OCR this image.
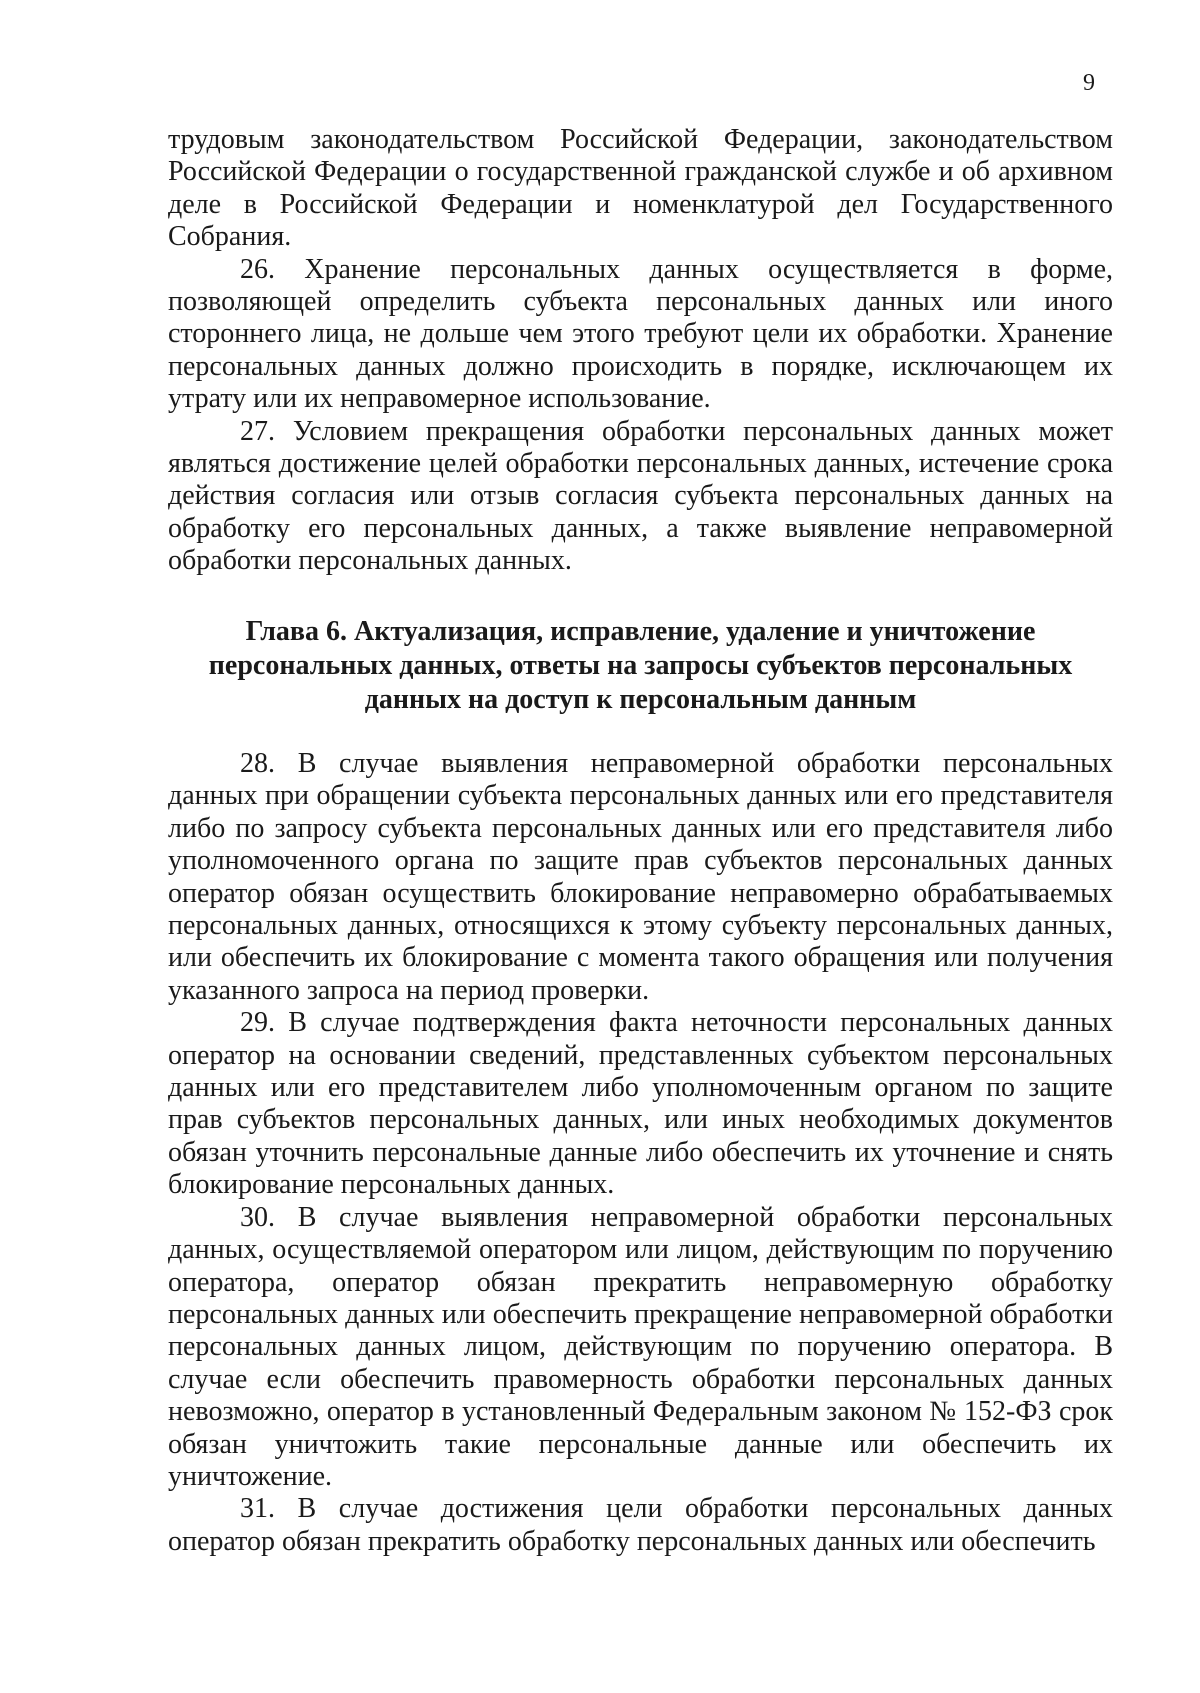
9

трудовым законодательством Российской Федерации, законодательством Российской Федерации о государственной гражданской службе и об архивном деле в Российской Федерации и номенклатурой дел Государственного Собрания.

26. Хранение персональных данных осуществляется в форме, позволяющей определить субъекта персональных данных или иного стороннего лица, не дольше чем этого требуют цели их обработки. Хранение персональных данных должно происходить в порядке, исключающем их утрату или их неправомерное использование.

27. Условием прекращения обработки персональных данных может являться достижение целей обработки персональных данных, истечение срока действия согласия или отзыв согласия субъекта персональных данных на обработку его персональных данных, а также выявление неправомерной обработки персональных данных.

Глава 6. Актуализация, исправление, удаление и уничтожение
персональных данных, ответы на запросы субъектов персональных
данных на доступ к персональным данным

28. В случае выявления неправомерной обработки персональных данных при обращении субъекта персональных данных или его представителя либо по запросу субъекта персональных данных или его представителя либо уполномоченного органа по защите прав субъектов персональных данных оператор обязан осуществить блокирование неправомерно обрабатываемых персональных данных, относящихся к этому субъекту персональных данных, или обеспечить их блокирование с момента такого обращения или получения указанного запроса на период проверки.

29. В случае подтверждения факта неточности персональных данных оператор на основании сведений, представленных субъектом персональных данных или его представителем либо уполномоченным органом по защите прав субъектов персональных данных, или иных необходимых документов обязан уточнить персональные данные либо обеспечить их уточнение и снять блокирование персональных данных.

30. В случае выявления неправомерной обработки персональных данных, осуществляемой оператором или лицом, действующим по поручению оператора, оператор обязан прекратить неправомерную обработку персональных данных или обеспечить прекращение неправомерной обработки персональных данных лицом, действующим по поручению оператора. В случае если обеспечить правомерность обработки персональных данных невозможно, оператор в установленный Федеральным законом № 152-ФЗ срок обязан уничтожить такие персональные данные или обеспечить их уничтожение.

31. В случае достижения цели обработки персональных данных оператор обязан прекратить обработку персональных данных или обеспечить
